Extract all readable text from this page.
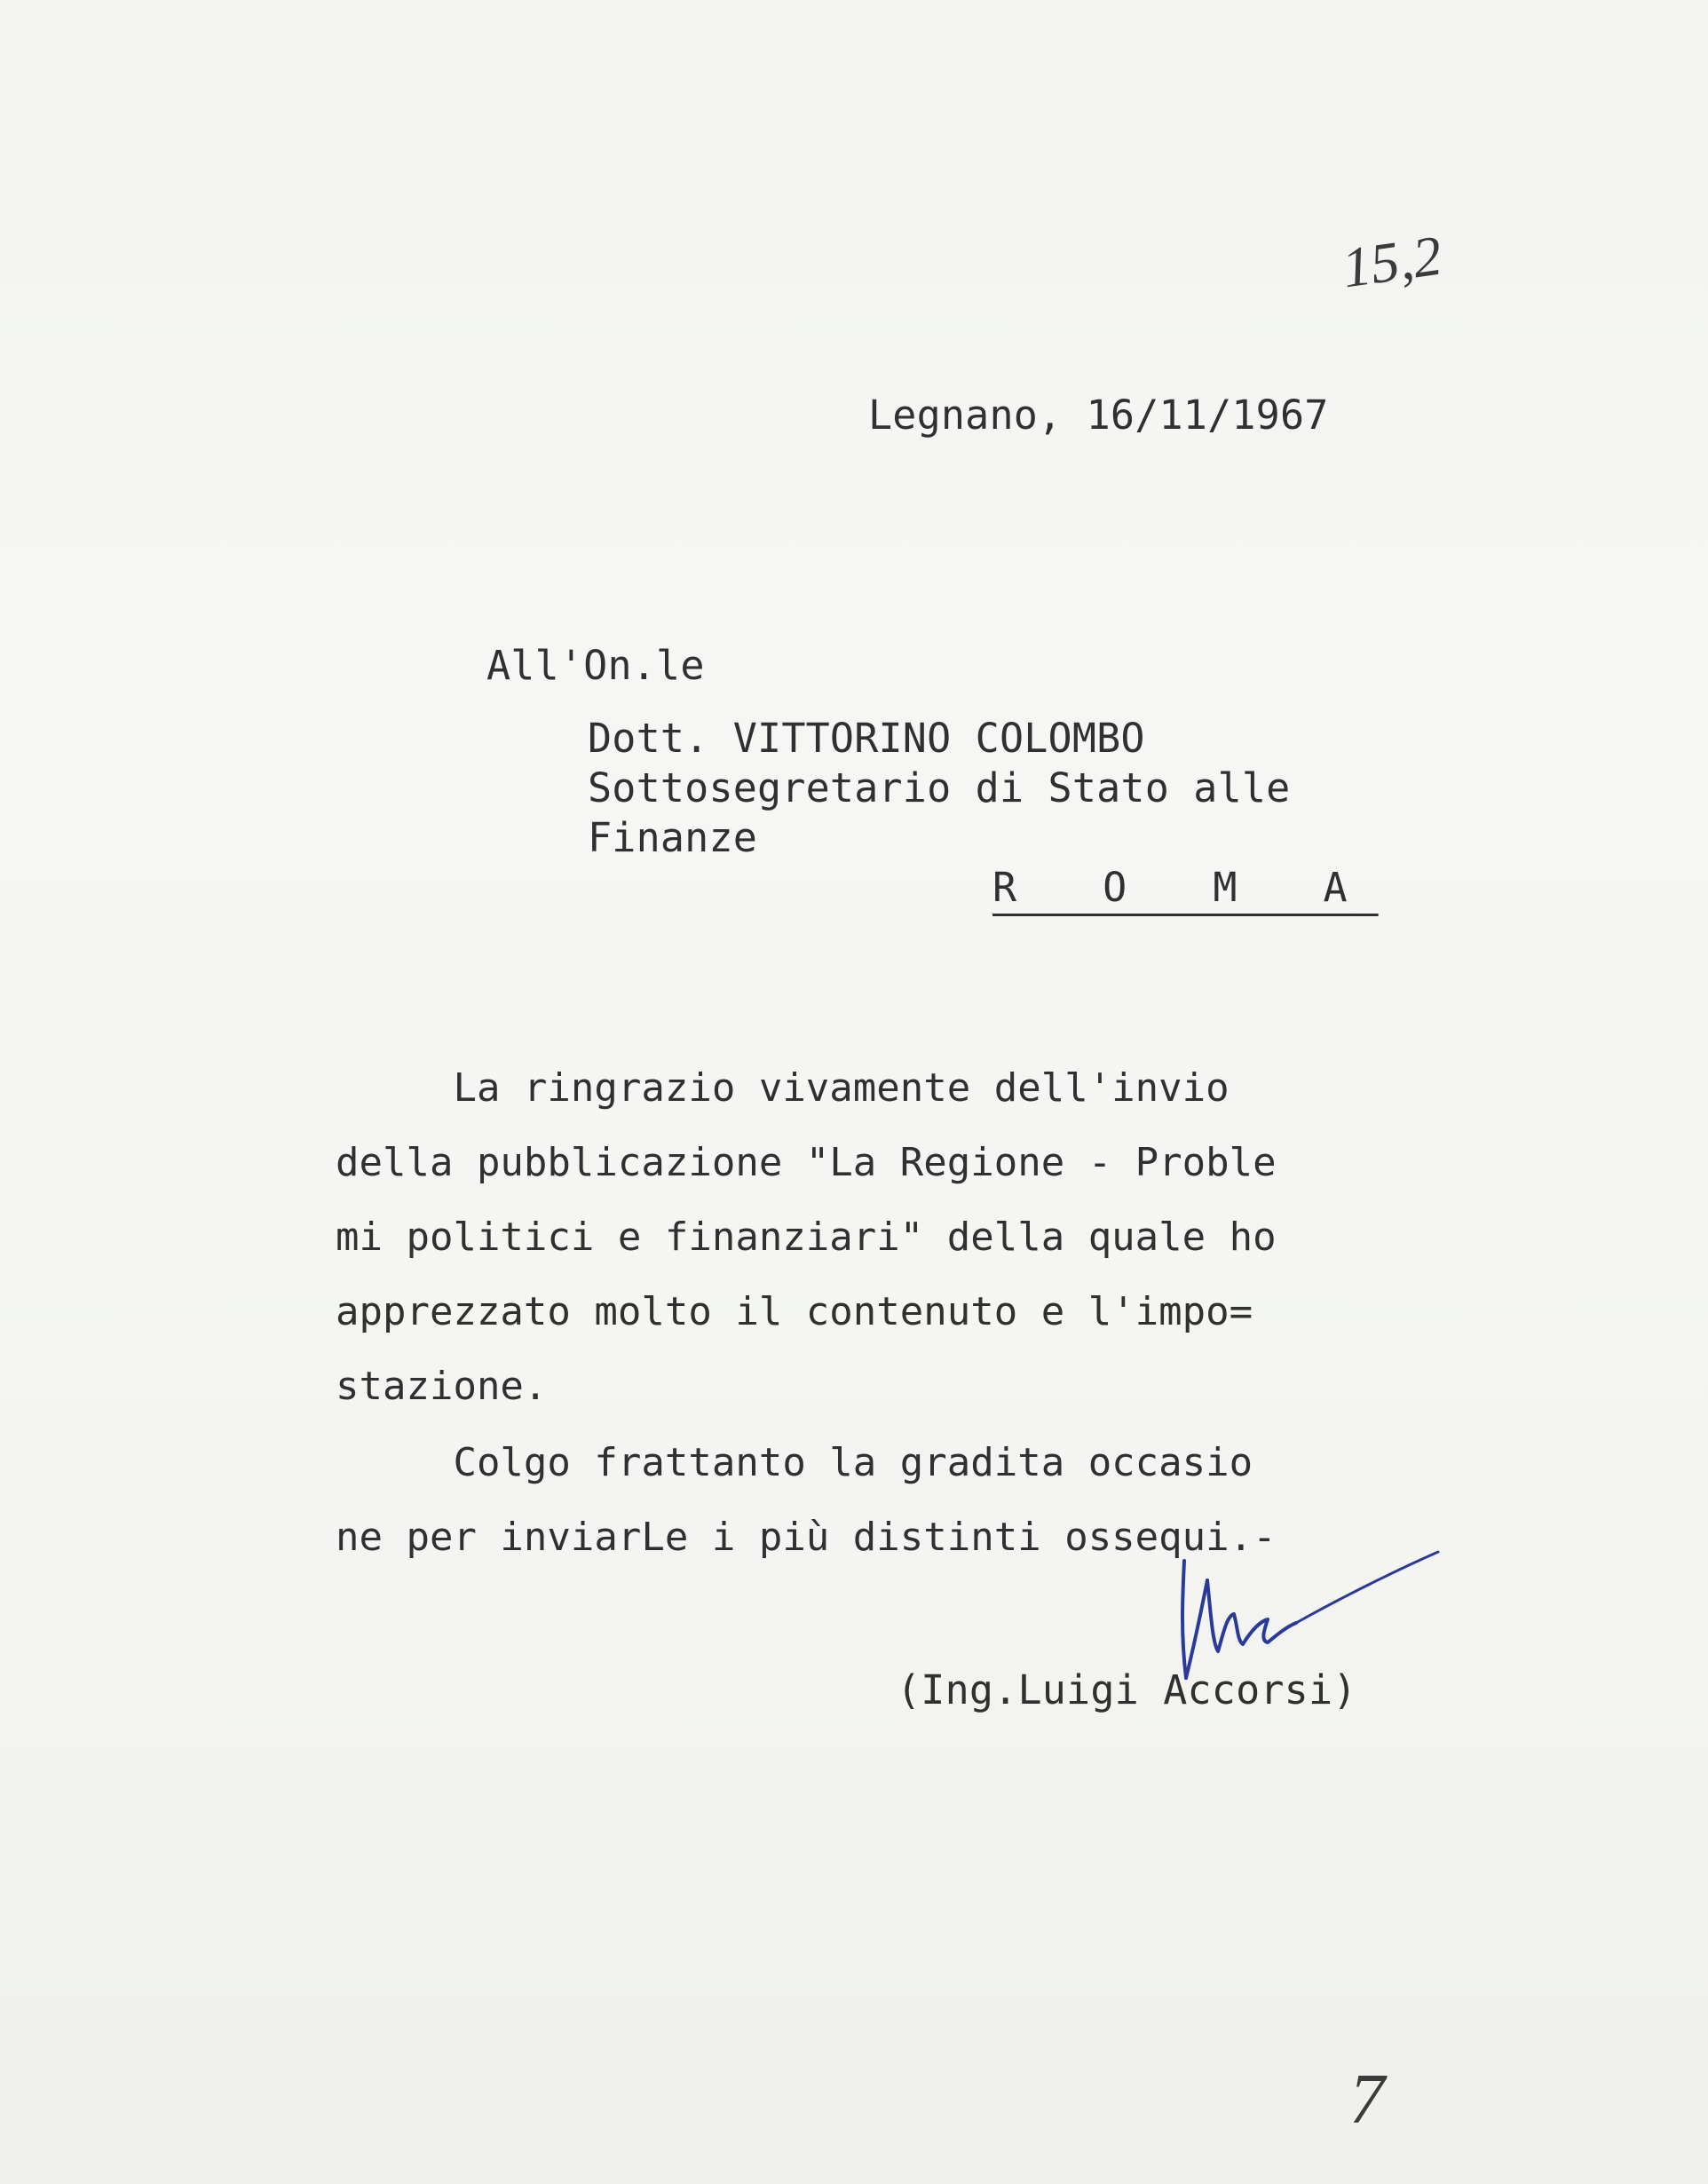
15,2
Legnano, 16/11/1967
All'On.le
Dott. VITTORINO COLOMBO
Sottosegretario di Stato alle
Finanze
R O M A
La ringrazio vivamente dell'invio
della pubblicazione "La Regione - Proble
mi politici e finanziari" della quale ho
apprezzato molto il contenuto e l'impo=
stazione.
Colgo frattanto la gradita occasio
ne per inviarLe i più distinti ossequi.-
(Ing.Luigi Accorsi)
7
